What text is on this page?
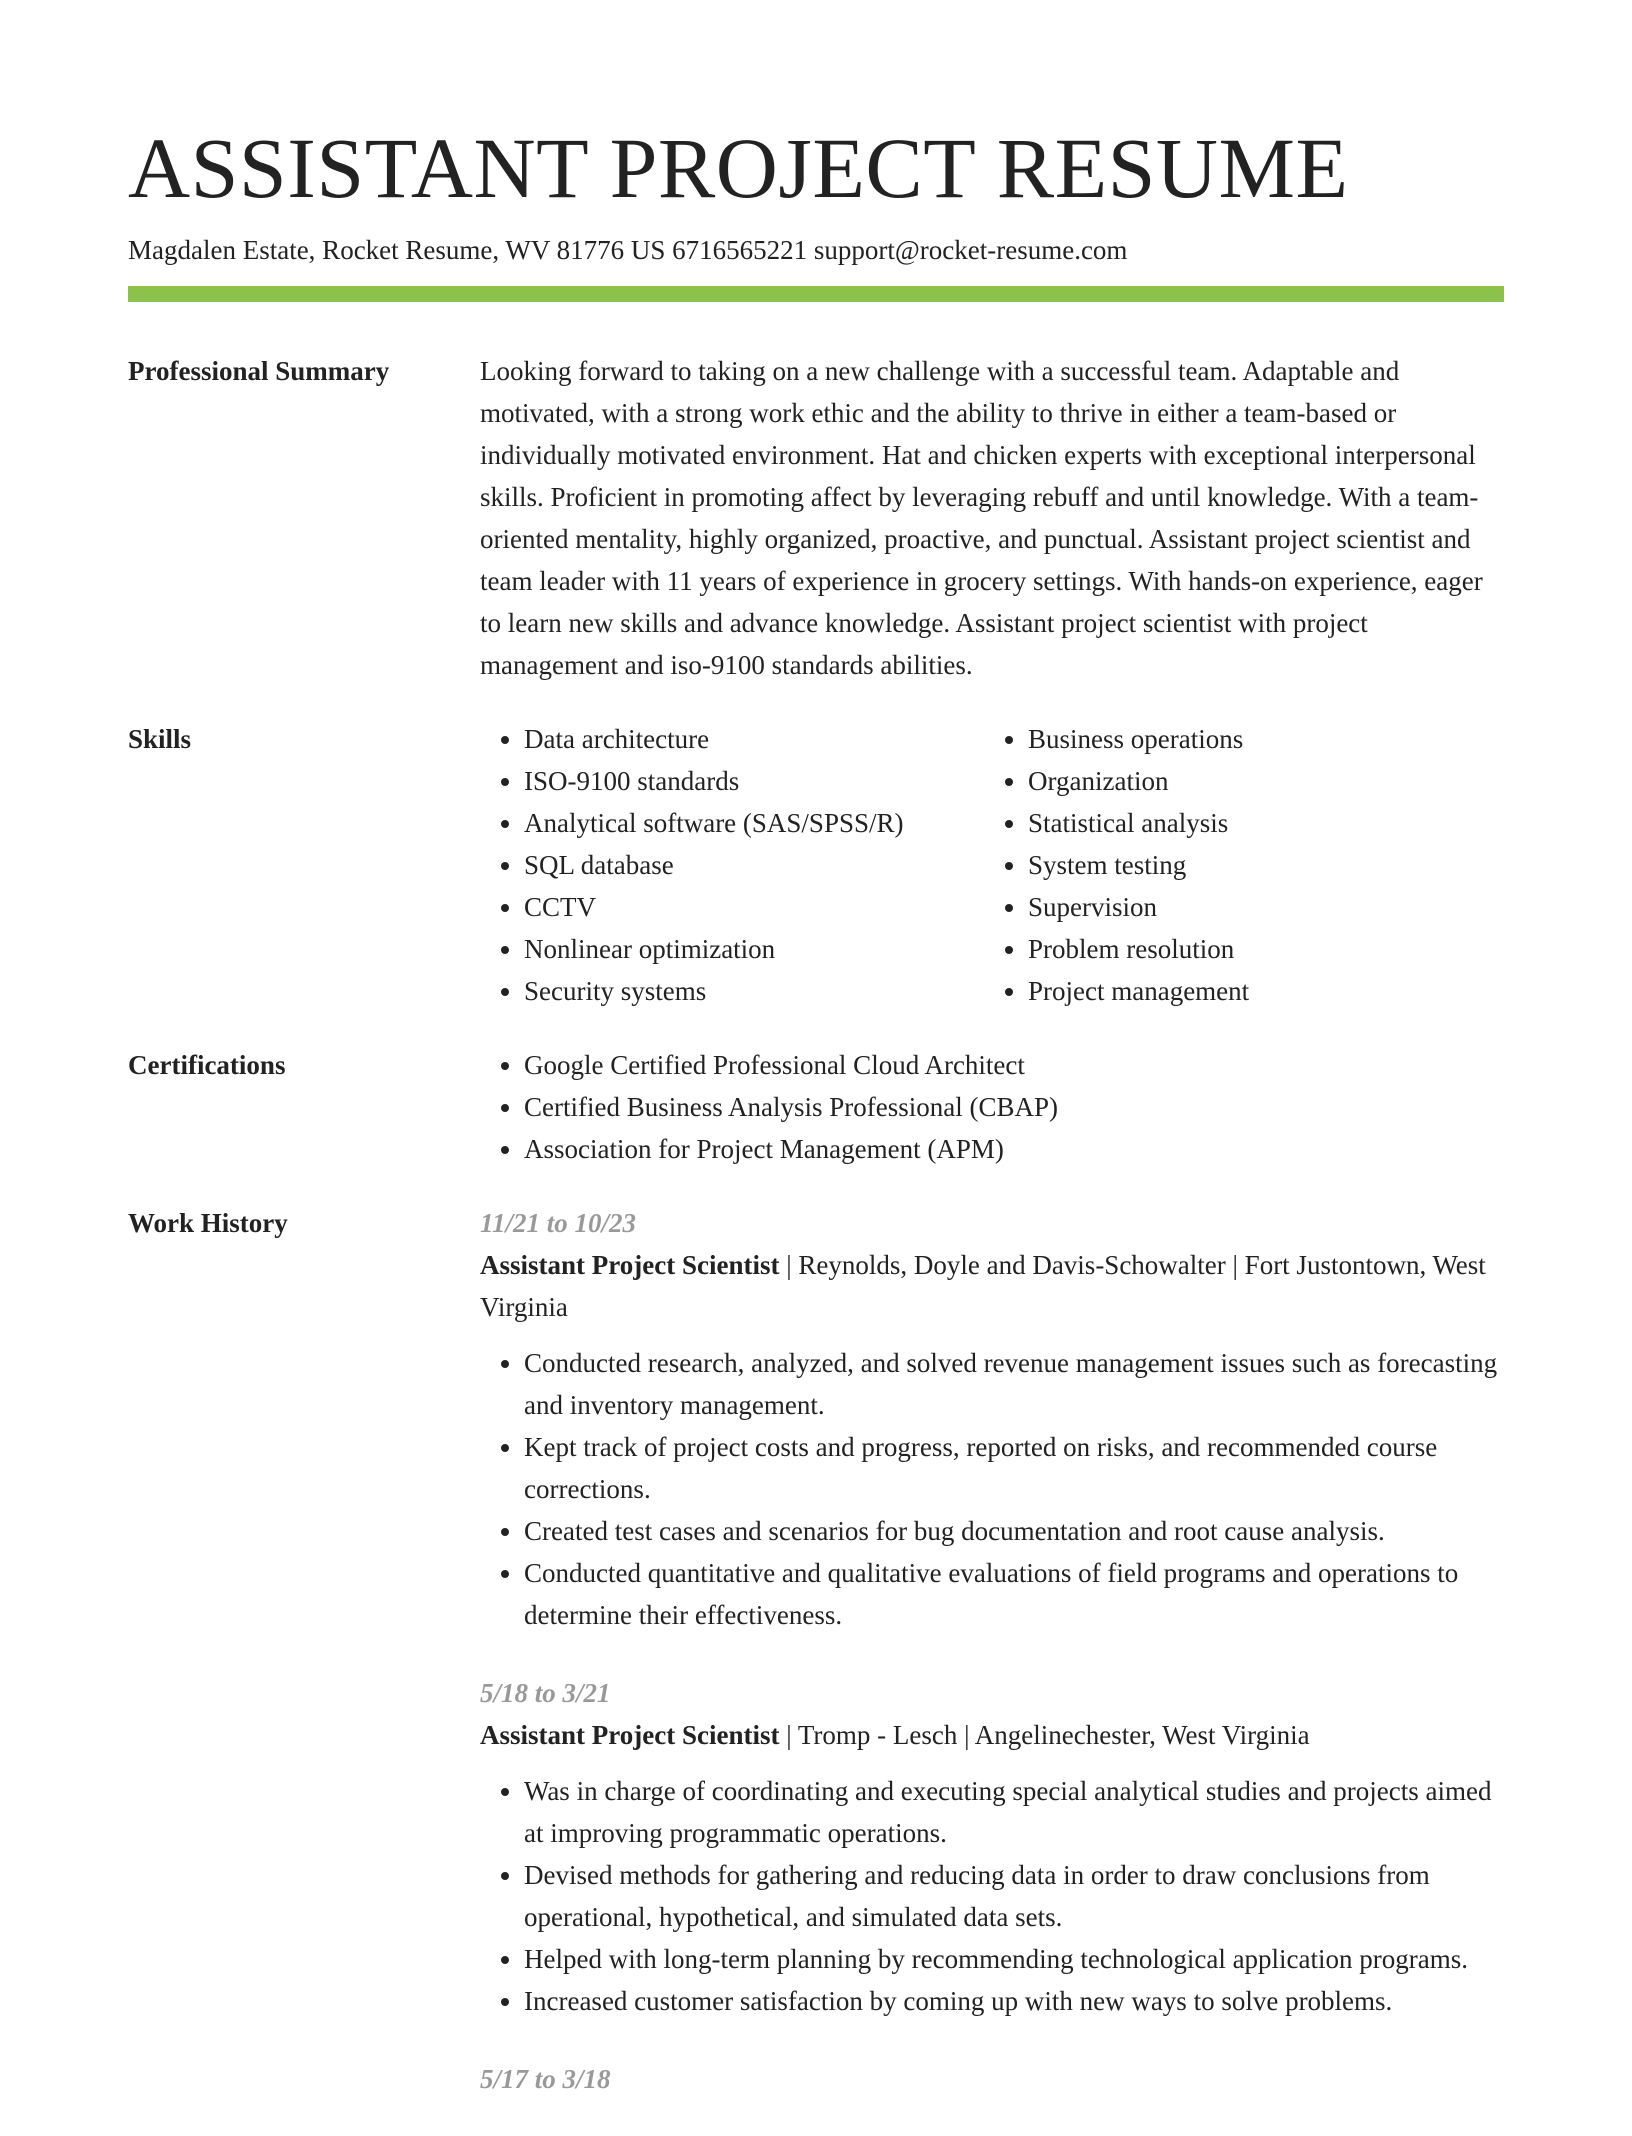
ASSISTANT PROJECT RESUME
Magdalen Estate, Rocket Resume, WV 81776 US 6716565221 support@rocket-resume.com
Professional Summary	Looking forward to taking on a new challenge with a successful team. Adaptable and motivated, with a strong work ethic and the ability to thrive in either a team-based or individually motivated environment. Hat and chicken experts with exceptional interpersonal skills. Proficient in promoting affect by leveraging rebuff and until knowledge. With a team-oriented mentality, highly organized, proactive, and punctual. Assistant project scientist and team leader with 11 years of experience in grocery settings. With hands-on experience, eager to learn new skills and advance knowledge. Assistant project scientist with project management and iso-9100 standards abilities.

Skills	• Data architecture
• ISO-9100 standards
• Analytical software (SAS/SPSS/R)
• SQL database
• CCTV
• Nonlinear optimization
• Security systems
• Business operations
• Organization
• Statistical analysis
• System testing
• Supervision
• Problem resolution
• Project management
Certifications	• Google Certified Professional Cloud Architect
• Certified Business Analysis Professional (CBAP)
• Association for Project Management (APM)
Work History	11/21 to 10/23
Assistant Project Scientist | Reynolds, Doyle and Davis-Schowalter | Fort Justontown, West Virginia
• Conducted research, analyzed, and solved revenue management issues such as forecasting and inventory management.
• Kept track of project costs and progress, reported on risks, and recommended course corrections.
• Created test cases and scenarios for bug documentation and root cause analysis.
• Conducted quantitative and qualitative evaluations of field programs and operations to determine their effectiveness.
5/18 to 3/21
Assistant Project Scientist | Tromp - Lesch | Angelinechester, West Virginia
• Was in charge of coordinating and executing special analytical studies and projects aimed at improving programmatic operations.
• Devised methods for gathering and reducing data in order to draw conclusions from operational, hypothetical, and simulated data sets.
• Helped with long-term planning by recommending technological application programs.
• Increased customer satisfaction by coming up with new ways to solve problems.
5/17 to 3/18
